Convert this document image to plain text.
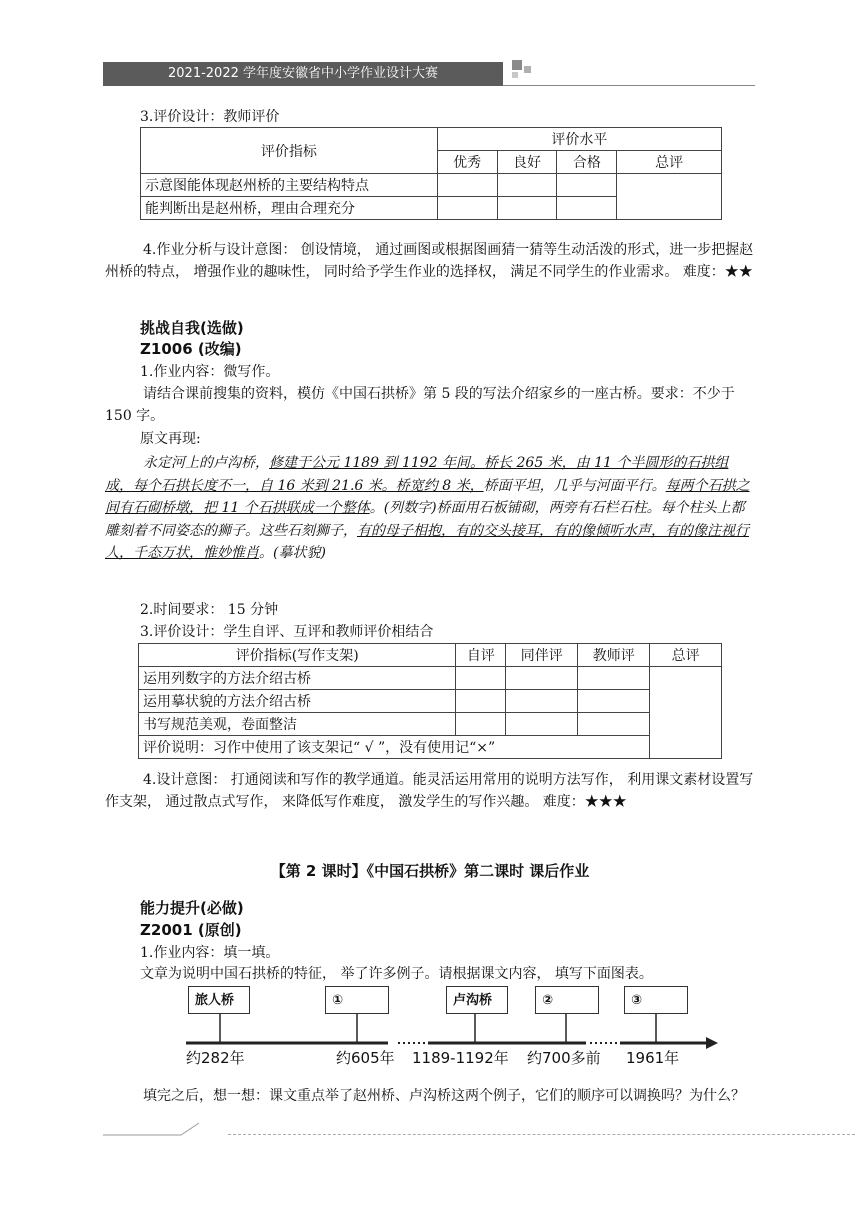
2021-2022 学年度安徽省中小学作业设计大赛
3.评价设计：教师评价
评价指标	评价水平			
	优秀	良好	合格	总评
示意图能体现赵州桥的主要结构特点				
能判断出是赵州桥，理由合理充分				
4.作业分析与设计意图： 创设情境， 通过画图或根据图画猜一猜等生动活泼的形式，进一步把握赵州桥的特点， 增强作业的趣味性， 同时给予学生作业的选择权， 满足不同学生的作业需求。 难度：★★
挑战自我(选做)
Z1006 (改编)
1.作业内容：微写作。
请结合课前搜集的资料，模仿《中国石拱桥》第 5 段的写法介绍家乡的一座古桥。要求：不少于 150 字。
原文再现:
永定河上的卢沟桥，修建于公元 1189 到 1192 年间。桥长 265 米，由 11 个半圆形的石拱组成，每个石拱长度不一，自 16 米到 21.6 米。桥宽约 8 米，桥面平坦，几乎与河面平行。每两个石拱之间有石砌桥墩，把 11 个石拱联成一个整体。(列数字)桥面用石板铺砌，两旁有石栏石柱。每个柱头上都雕刻着不同姿态的狮子。这些石刻狮子，有的母子相抱，有的交头接耳，有的像倾听水声，有的像注视行人，千态万状，惟妙惟肖。(摹状貌)
2.时间要求： 15 分钟
3.评价设计：学生自评、互评和教师评价相结合
评价指标(写作支架)	自评	同伴评	教师评	总评
运用列数字的方法介绍古桥				
运用摹状貌的方法介绍古桥				
书写规范美观，卷面整洁				
评价说明：习作中使用了该支架记“ √ ”，没有使用记“×”				
4.设计意图： 打通阅读和写作的教学通道。能灵活运用常用的说明方法写作， 利用课文素材设置写作支架， 通过散点式写作， 来降低写作难度， 激发学生的写作兴趣。 难度：★★★
【第 2 课时】《中国石拱桥》第二课时 课后作业
能力提升(必做)
Z2001 (原创)
1.作业内容：填一填。
文章为说明中国石拱桥的特征， 举了许多例子。请根据课文内容， 填写下面图表。
旅人桥	①	卢沟桥	②	③
约282年	约605年 1189-1192年 约700多前 1961年
填完之后，想一想：课文重点举了赵州桥、卢沟桥这两个例子，它们的顺序可以调换吗？为什么？
